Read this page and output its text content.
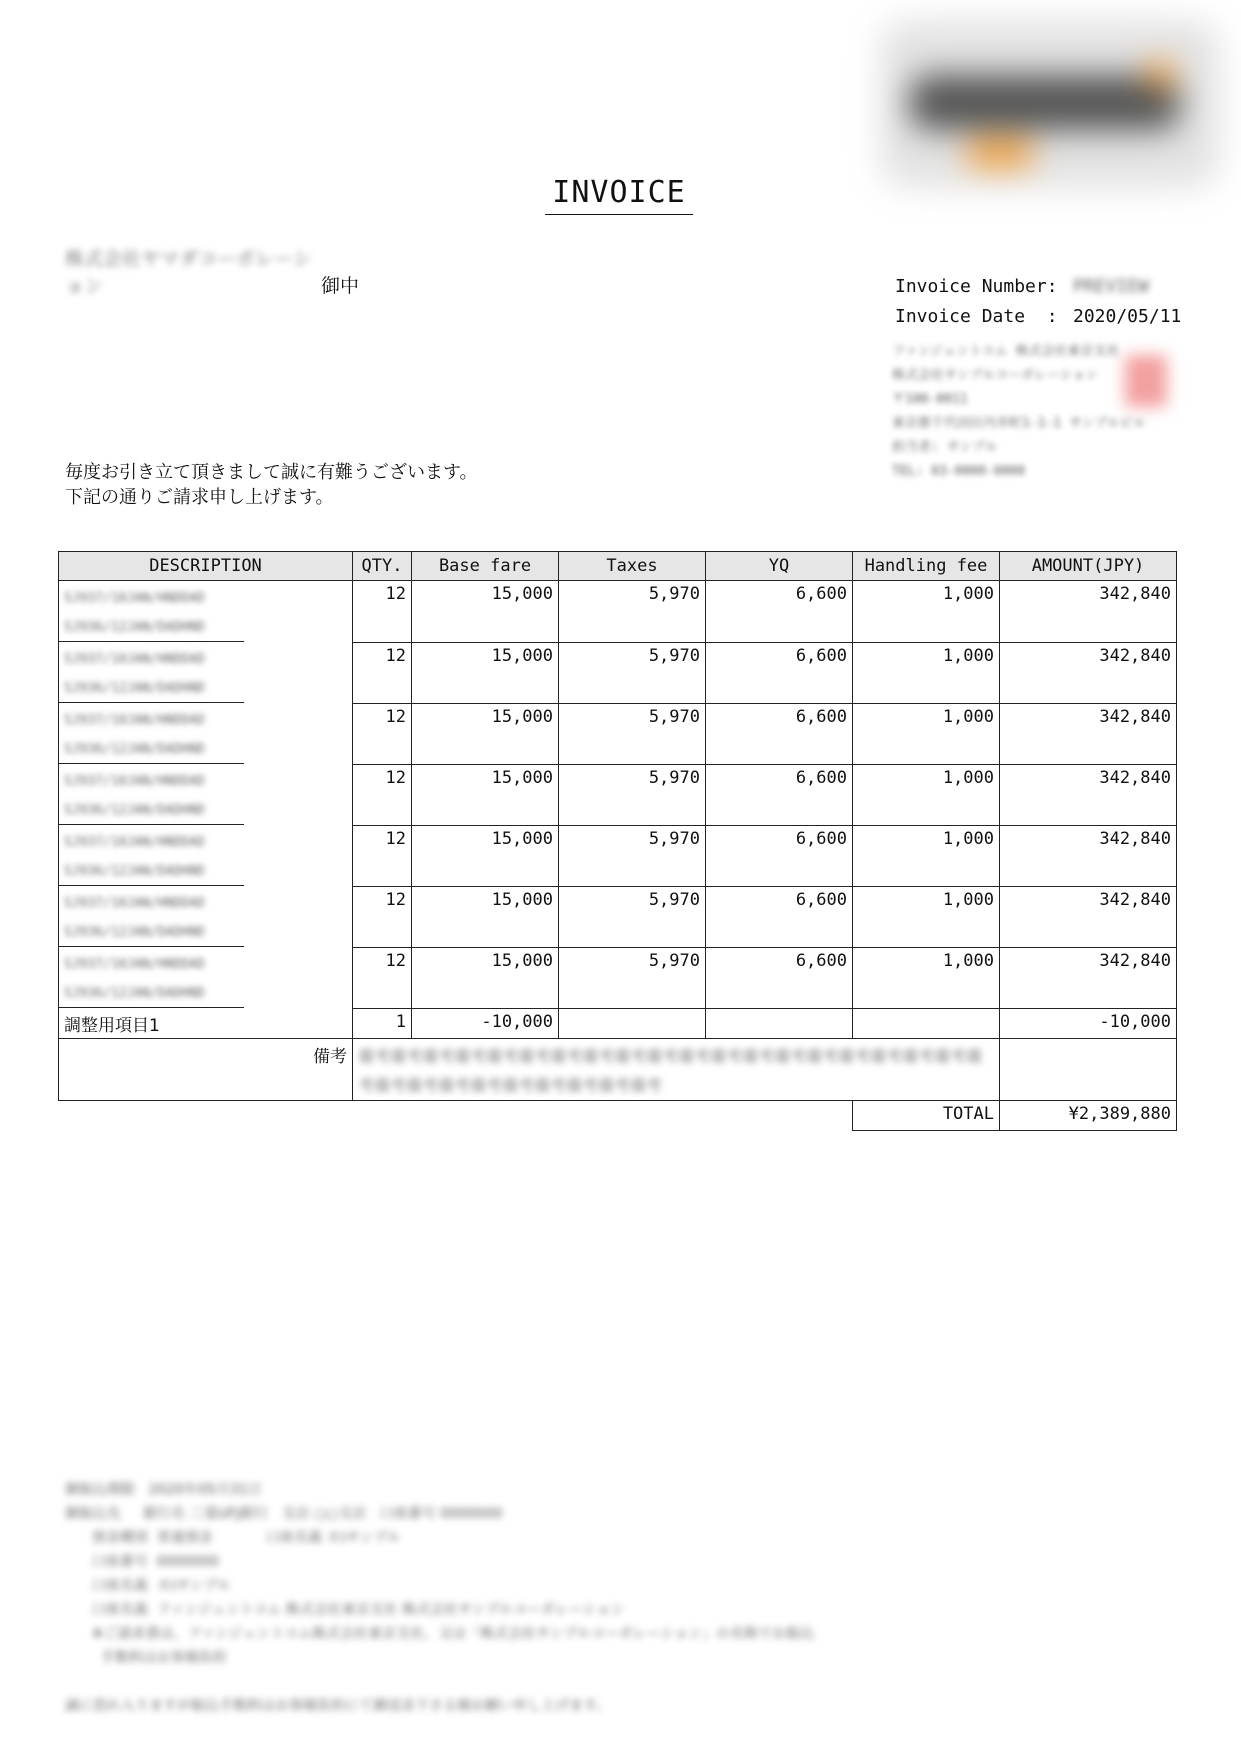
INVOICE
株式会社ヤマダコーポレーション	御中	Invoice Number: PREVIEW
Invoice Date  : 2020/05/11
ファンジェントコム 株式会社東京支社
株式会社サンプルコーポレーション
〒100-0011
東京都千代田区内幸町1-1-1 サンプルビル
担当者: サンプル
TEL: 03-0000-0000
毎度お引き立て頂きまして誠に有難うございます。
下記の通りご請求申し上げます。
DESCRIPTION	QTY.	Base fare	Taxes	YQ	Handling fee	AMOUNT(JPY)

SJ937/10JAN/HNDDAD
SJ936/12JAN/DADHND	12	15,000	5,970	6,600	1,000	342,840

SJ937/10JAN/HNDDAD
SJ936/12JAN/DADHND	12	15,000	5,970	6,600	1,000	342,840

SJ937/10JAN/HNDDAD
SJ936/12JAN/DADHND	12	15,000	5,970	6,600	1,000	342,840

SJ937/10JAN/HNDDAD
SJ936/12JAN/DADHND	12	15,000	5,970	6,600	1,000	342,840

SJ937/10JAN/HNDDAD
SJ936/12JAN/DADHND	12	15,000	5,970	6,600	1,000	342,840

SJ937/10JAN/HNDDAD
SJ936/12JAN/DADHND	12	15,000	5,970	6,600	1,000	342,840

SJ937/10JAN/HNDDAD
SJ936/12JAN/DADHND	12	15,000	5,970	6,600	1,000	342,840
調整用項目1	1	-10,000				-10,000
備考	備考備考備考備考備考備考備考備考備考備考備考備考備考備考備考備考備考備考備考備考備考備考備考備考備考備考備考備考備考					

					TOTAL	¥2,389,880
御振込期限   2020年05月31日
御振込先     銀行名 三菱UFJ銀行   支店 ○○支店   口座番号 0000000
預金種別  普通預金            口座名義 カ)サンプル
口座番号  0000000
口座名義  カ)サンプル
口座名義  ファンジェントコム 株式会社東京支社 株式会社サンプルコーポレーション
※ご請求書は、ファンジェントコム株式会社東京支社、又は「株式会社サンプルコーポレーション」の名称でお振込
手数料はお客様負担
誠に恐れ入りますが振込手数料はお客様負担にて御送金下さる様お願い申し上げます。
